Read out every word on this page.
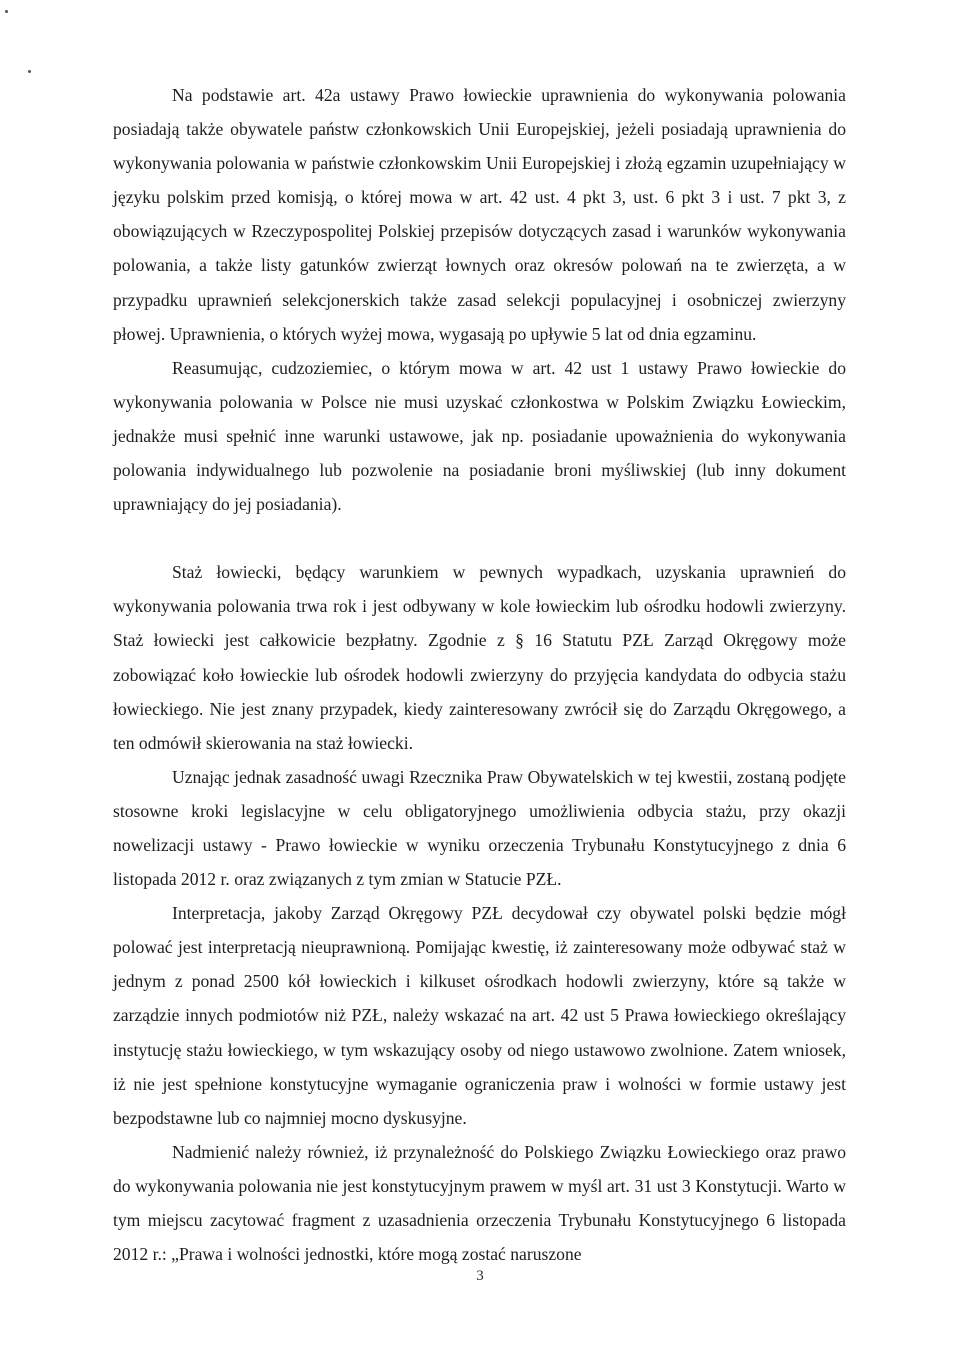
Na podstawie art. 42a ustawy Prawo łowieckie uprawnienia do wykonywania polowania posiadają także obywatele państw członkowskich Unii Europejskiej, jeżeli posiadają uprawnienia do wykonywania polowania w państwie członkowskim Unii Europejskiej i złożą egzamin uzupełniający w języku polskim przed komisją, o której mowa w art. 42 ust. 4 pkt 3, ust. 6 pkt 3 i ust. 7 pkt 3, z obowiązujących w Rzeczypospolitej Polskiej przepisów dotyczących zasad i warunków wykonywania polowania, a także listy gatunków zwierząt łownych oraz okresów polowań na te zwierzęta, a w przypadku uprawnień selekcjonerskich także zasad selekcji populacyjnej i osobniczej zwierzyny płowej. Uprawnienia, o których wyżej mowa, wygasają po upływie 5 lat od dnia egzaminu.

Reasumując, cudzoziemiec, o którym mowa w art. 42 ust 1 ustawy Prawo łowieckie do wykonywania polowania w Polsce nie musi uzyskać członkostwa w Polskim Związku Łowieckim, jednakże musi spełnić inne warunki ustawowe, jak np. posiadanie upoważnienia do wykonywania polowania indywidualnego lub pozwolenie na posiadanie broni myśliwskiej (lub inny dokument uprawniający do jej posiadania).

Staż łowiecki, będący warunkiem w pewnych wypadkach, uzyskania uprawnień do wykonywania polowania trwa rok i jest odbywany w kole łowieckim lub ośrodku hodowli zwierzyny. Staż łowiecki jest całkowicie bezpłatny. Zgodnie z § 16 Statutu PZŁ Zarząd Okręgowy może zobowiązać koło łowieckie lub ośrodek hodowli zwierzyny do przyjęcia kandydata do odbycia stażu łowieckiego. Nie jest znany przypadek, kiedy zainteresowany zwrócił się do Zarządu Okręgowego, a ten odmówił skierowania na staż łowiecki.

Uznając jednak zasadność uwagi Rzecznika Praw Obywatelskich w tej kwestii, zostaną podjęte stosowne kroki legislacyjne w celu obligatoryjnego umożliwienia odbycia stażu, przy okazji nowelizacji ustawy - Prawo łowieckie w wyniku orzeczenia Trybunału Konstytucyjnego z dnia 6 listopada 2012 r. oraz związanych z tym zmian w Statucie PZŁ.

Interpretacja, jakoby Zarząd Okręgowy PZŁ decydował czy obywatel polski będzie mógł polować jest interpretacją nieuprawnioną. Pomijając kwestię, iż zainteresowany może odbywać staż w jednym z ponad 2500 kół łowieckich i kilkuset ośrodkach hodowli zwierzyny, które są także w zarządzie innych podmiotów niż PZŁ, należy wskazać na art. 42 ust 5 Prawa łowieckiego określający instytucję stażu łowieckiego, w tym wskazujący osoby od niego ustawowo zwolnione. Zatem wniosek, iż nie jest spełnione konstytucyjne wymaganie ograniczenia praw i wolności w formie ustawy jest bezpodstawne lub co najmniej mocno dyskusyjne.

Nadmienić należy również, iż przynależność do Polskiego Związku Łowieckiego oraz prawo do wykonywania polowania nie jest konstytucyjnym prawem w myśl art. 31 ust 3 Konstytucji. Warto w tym miejscu zacytować fragment z uzasadnienia orzeczenia Trybunału Konstytucyjnego 6 listopada 2012 r.: „Prawa i wolności jednostki, które mogą zostać naruszone

3
